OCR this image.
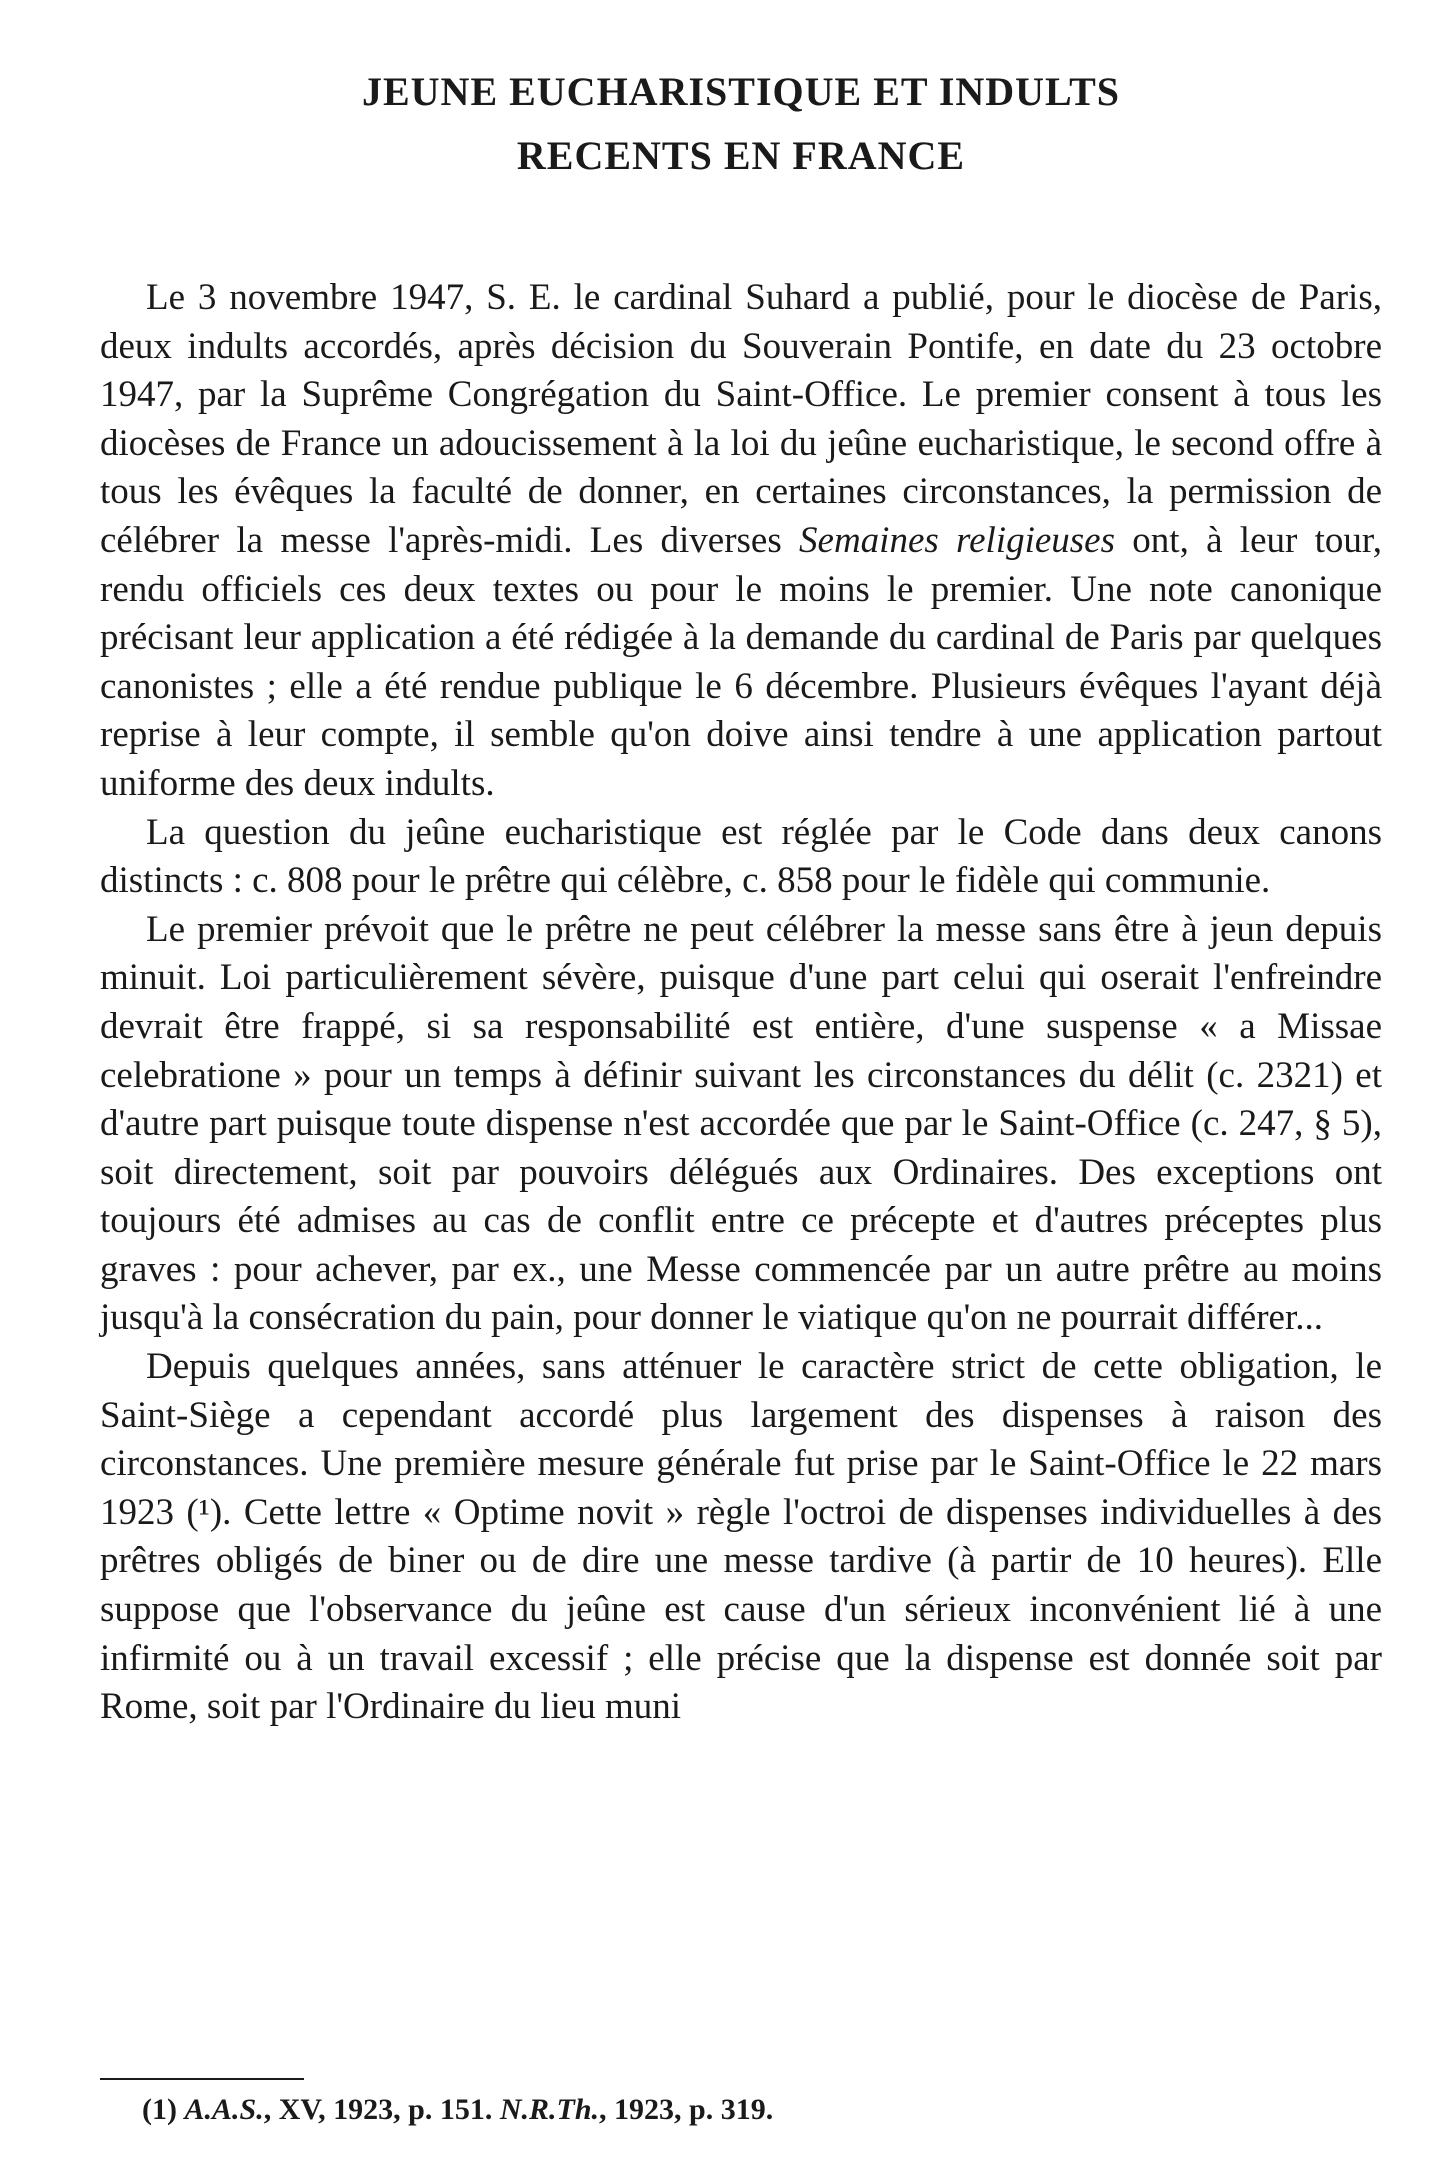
JEUNE EUCHARISTIQUE ET INDULTS
RECENTS EN FRANCE

Le 3 novembre 1947, S. E. le cardinal Suhard a publié, pour le diocèse de Paris, deux indults accordés, après décision du Souverain Pontife, en date du 23 octobre 1947, par la Suprême Congrégation du Saint-Office. Le premier consent à tous les diocèses de France un adoucissement à la loi du jeûne eucharistique, le second offre à tous les évêques la faculté de donner, en certaines circonstances, la permission de célébrer la messe l'après-midi. Les diverses Semaines religieuses ont, à leur tour, rendu officiels ces deux textes ou pour le moins le premier. Une note canonique précisant leur application a été rédigée à la demande du cardinal de Paris par quelques canonistes ; elle a été rendue publique le 6 décembre. Plusieurs évêques l'ayant déjà reprise à leur compte, il semble qu'on doive ainsi tendre à une application partout uniforme des deux indults.

La question du jeûne eucharistique est réglée par le Code dans deux canons distincts : c. 808 pour le prêtre qui célèbre, c. 858 pour le fidèle qui communie.

Le premier prévoit que le prêtre ne peut célébrer la messe sans être à jeun depuis minuit. Loi particulièrement sévère, puisque d'une part celui qui oserait l'enfreindre devrait être frappé, si sa responsabilité est entière, d'une suspense « a Missae celebratione » pour un temps à définir suivant les circonstances du délit (c. 2321) et d'autre part puisque toute dispense n'est accordée que par le Saint-Office (c. 247, § 5), soit directement, soit par pouvoirs délégués aux Ordinaires. Des exceptions ont toujours été admises au cas de conflit entre ce précepte et d'autres préceptes plus graves : pour achever, par ex., une Messe commencée par un autre prêtre au moins jusqu'à la consécration du pain, pour donner le viatique qu'on ne pourrait différer...

Depuis quelques années, sans atténuer le caractère strict de cette obligation, le Saint-Siège a cependant accordé plus largement des dispenses à raison des circonstances. Une première mesure générale fut prise par le Saint-Office le 22 mars 1923 (¹). Cette lettre « Optime novit » règle l'octroi de dispenses individuelles à des prêtres obligés de biner ou de dire une messe tardive (à partir de 10 heures). Elle suppose que l'observance du jeûne est cause d'un sérieux inconvénient lié à une infirmité ou à un travail excessif ; elle précise que la dispense est donnée soit par Rome, soit par l'Ordinaire du lieu muni

(1) A.A.S., XV, 1923, p. 151. N.R.Th., 1923, p. 319.
